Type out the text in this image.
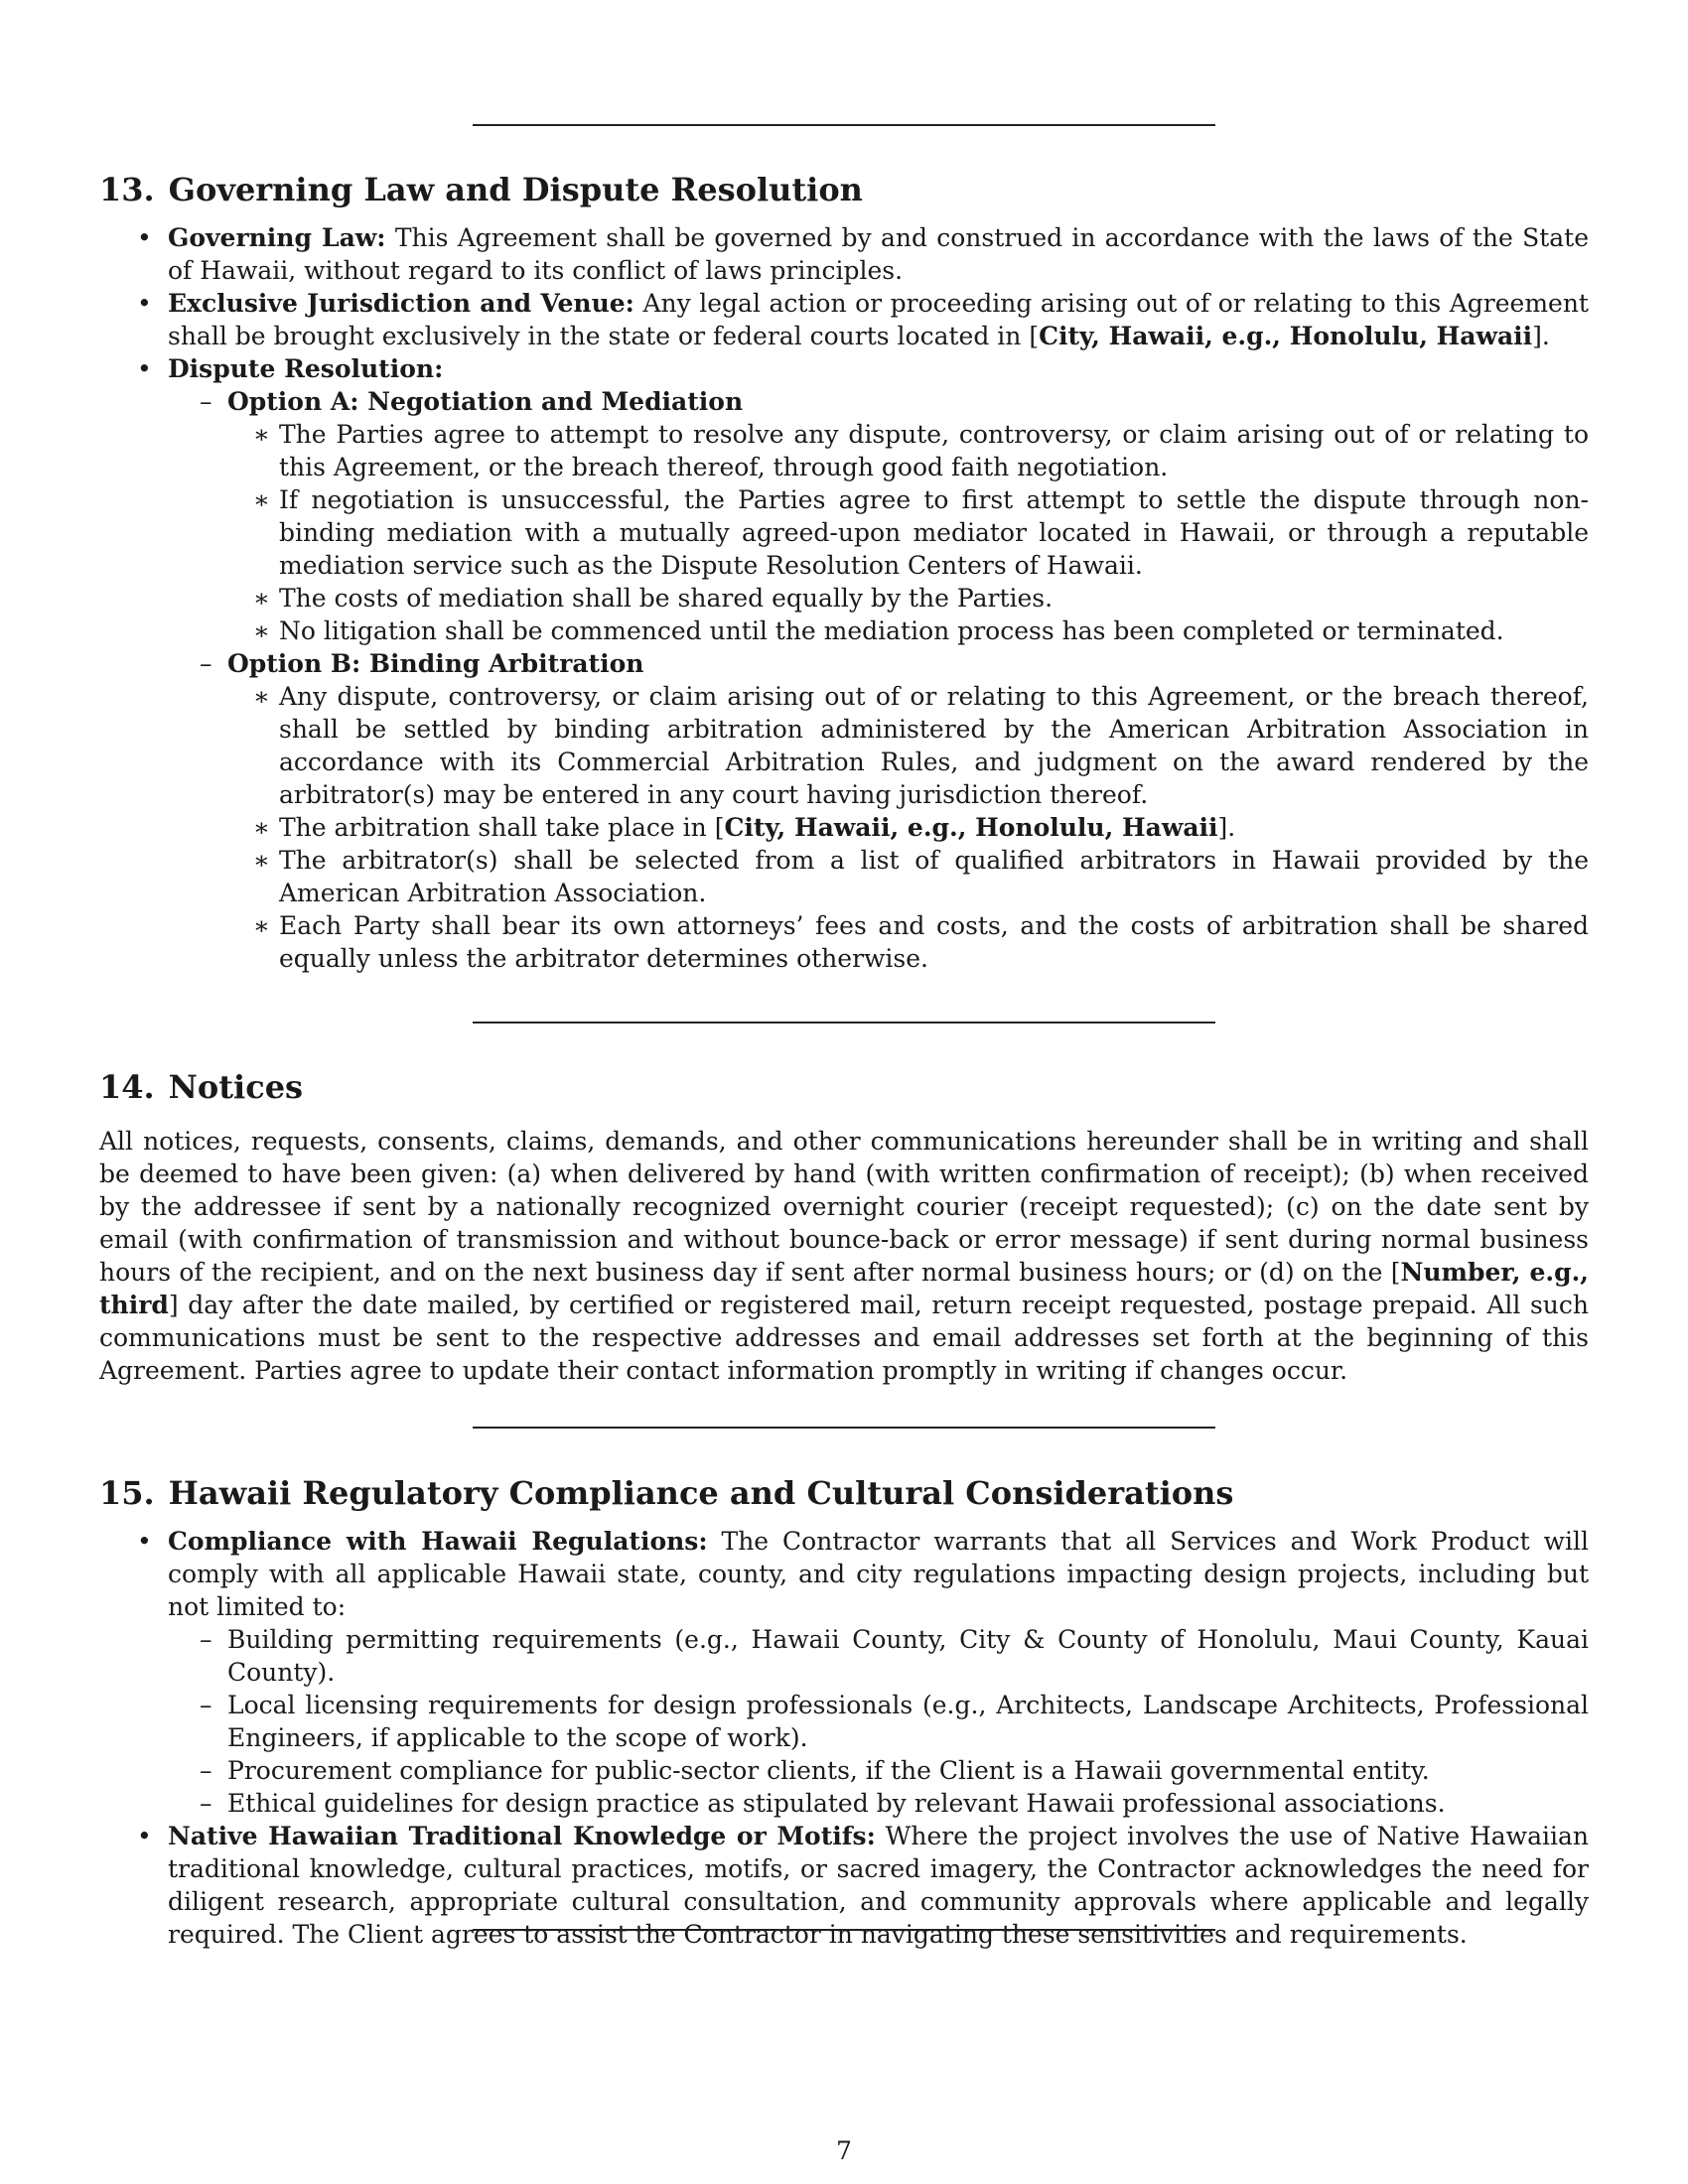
13. Governing Law and Dispute Resolution
• Governing Law: This Agreement shall be governed by and construed in accordance with the laws of the State of Hawaii, without regard to its conflict of laws principles.
• Exclusive Jurisdiction and Venue: Any legal action or proceeding arising out of or relating to this Agreement shall be brought exclusively in the state or federal courts located in [City, Hawaii, e.g., Honolulu, Hawaii].
• Dispute Resolution:
– Option A: Negotiation and Mediation
∗ The Parties agree to attempt to resolve any dispute, controversy, or claim arising out of or relating to this Agreement, or the breach thereof, through good faith negotiation.
∗ If negotiation is unsuccessful, the Parties agree to first attempt to settle the dispute through non-binding mediation with a mutually agreed-upon mediator located in Hawaii, or through a reputable mediation service such as the Dispute Resolution Centers of Hawaii.
∗ The costs of mediation shall be shared equally by the Parties.
∗ No litigation shall be commenced until the mediation process has been completed or terminated.
– Option B: Binding Arbitration
∗ Any dispute, controversy, or claim arising out of or relating to this Agreement, or the breach thereof, shall be settled by binding arbitration administered by the American Arbitration Association in accordance with its Commercial Arbitration Rules, and judgment on the award rendered by the arbitrator(s) may be entered in any court having jurisdiction thereof.
∗ The arbitration shall take place in [City, Hawaii, e.g., Honolulu, Hawaii].
∗ The arbitrator(s) shall be selected from a list of qualified arbitrators in Hawaii provided by the American Arbitration Association.
∗ Each Party shall bear its own attorneys’ fees and costs, and the costs of arbitration shall be shared equally unless the arbitrator determines otherwise.
14. Notices

All notices, requests, consents, claims, demands, and other communications hereunder shall be in writing and shall be deemed to have been given: (a) when delivered by hand (with written confirmation of receipt); (b) when received by the addressee if sent by a nationally recognized overnight courier (receipt requested); (c) on the date sent by email (with confirmation of transmission and without bounce-back or error message) if sent during normal business hours of the recipient, and on the next business day if sent after normal business hours; or (d) on the [Number, e.g., third] day after the date mailed, by certified or registered mail, return receipt requested, postage prepaid. All such communications must be sent to the respective addresses and email addresses set forth at the beginning of this Agreement. Parties agree to update their contact information promptly in writing if changes occur.

15. Hawaii Regulatory Compliance and Cultural Considerations
• Compliance with Hawaii Regulations: The Contractor warrants that all Services and Work Product will comply with all applicable Hawaii state, county, and city regulations impacting design projects, including but not limited to:
– Building permitting requirements (e.g., Hawaii County, City & County of Honolulu, Maui County, Kauai County).
– Local licensing requirements for design professionals (e.g., Architects, Landscape Architects, Professional Engineers, if applicable to the scope of work).
– Procurement compliance for public-sector clients, if the Client is a Hawaii governmental entity.
– Ethical guidelines for design practice as stipulated by relevant Hawaii professional associations.
• Native Hawaiian Traditional Knowledge or Motifs: Where the project involves the use of Native Hawaiian traditional knowledge, cultural practices, motifs, or sacred imagery, the Contractor acknowledges the need for diligent research, appropriate cultural consultation, and community approvals where applicable and legally required. The Client agrees to assist the Contractor in navigating these sensitivities and requirements.
7
